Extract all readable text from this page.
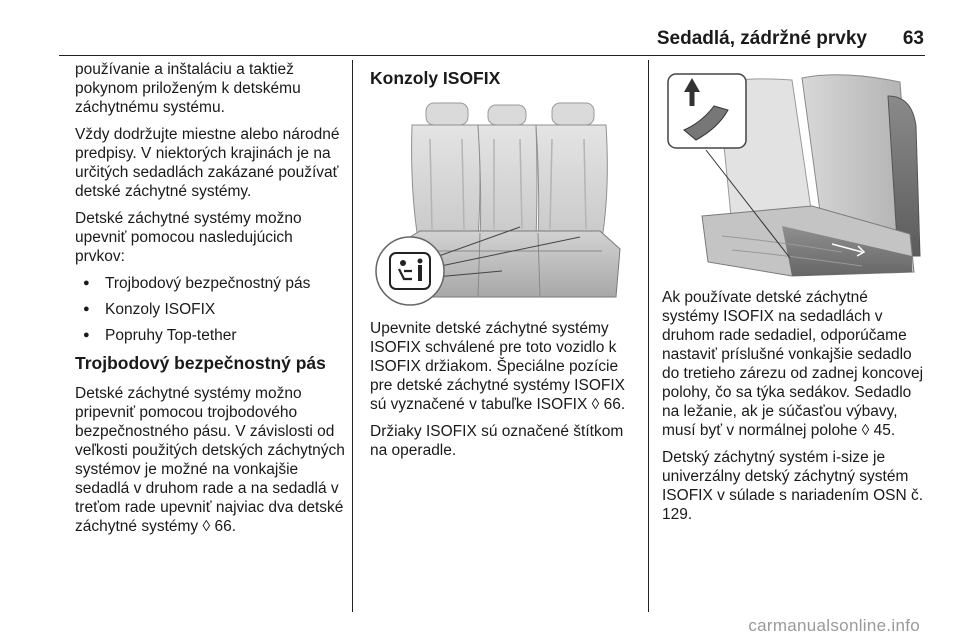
Sedadlá, zádržné prvky 63

používanie a inštaláciu a taktiež pokynom priloženým k detskému záchytnému systému.

Vždy dodržujte miestne alebo národné predpisy. V niektorých krajinách je na určitých sedadlách zakázané používať detské záchytné systémy.

Detské záchytné systémy možno upevniť pomocou nasledujúcich prvkov:

● Trojbodový bezpečnostný pás
● Konzoly ISOFIX
● Popruhy Top-tether
Trojbodový bezpečnostný pás

Detské záchytné systémy možno pripevniť pomocou trojbodového bezpečnostného pásu. V závislosti od veľkosti použitých detských záchytných systémov je možné na vonkajšie sedadlá v druhom rade a na sedadlá v treťom rade upevniť najviac dva detské záchytné systémy ◊ 66.

Konzoly ISOFIX

Upevnite detské záchytné systémy ISOFIX schválené pre toto vozidlo k ISOFIX držiakom. Špeciálne pozície pre detské záchytné systémy ISOFIX sú vyznačené v tabuľke ISOFIX ◊ 66.

Držiaky ISOFIX sú označené štítkom na operadle.

Ak používate detské záchytné systémy ISOFIX na sedadlách v druhom rade sedadiel, odporúčame nastaviť príslušné vonkajšie sedadlo do tretieho zárezu od zadnej koncovej polohy, čo sa týka sedákov. Sedadlo na ležanie, ak je súčasťou výbavy, musí byť v normálnej polohe ◊ 45.

Detský záchytný systém i-size je univerzálny detský záchytný systém ISOFIX v súlade s nariadením OSN č. 129.

carmanualsonline.info
